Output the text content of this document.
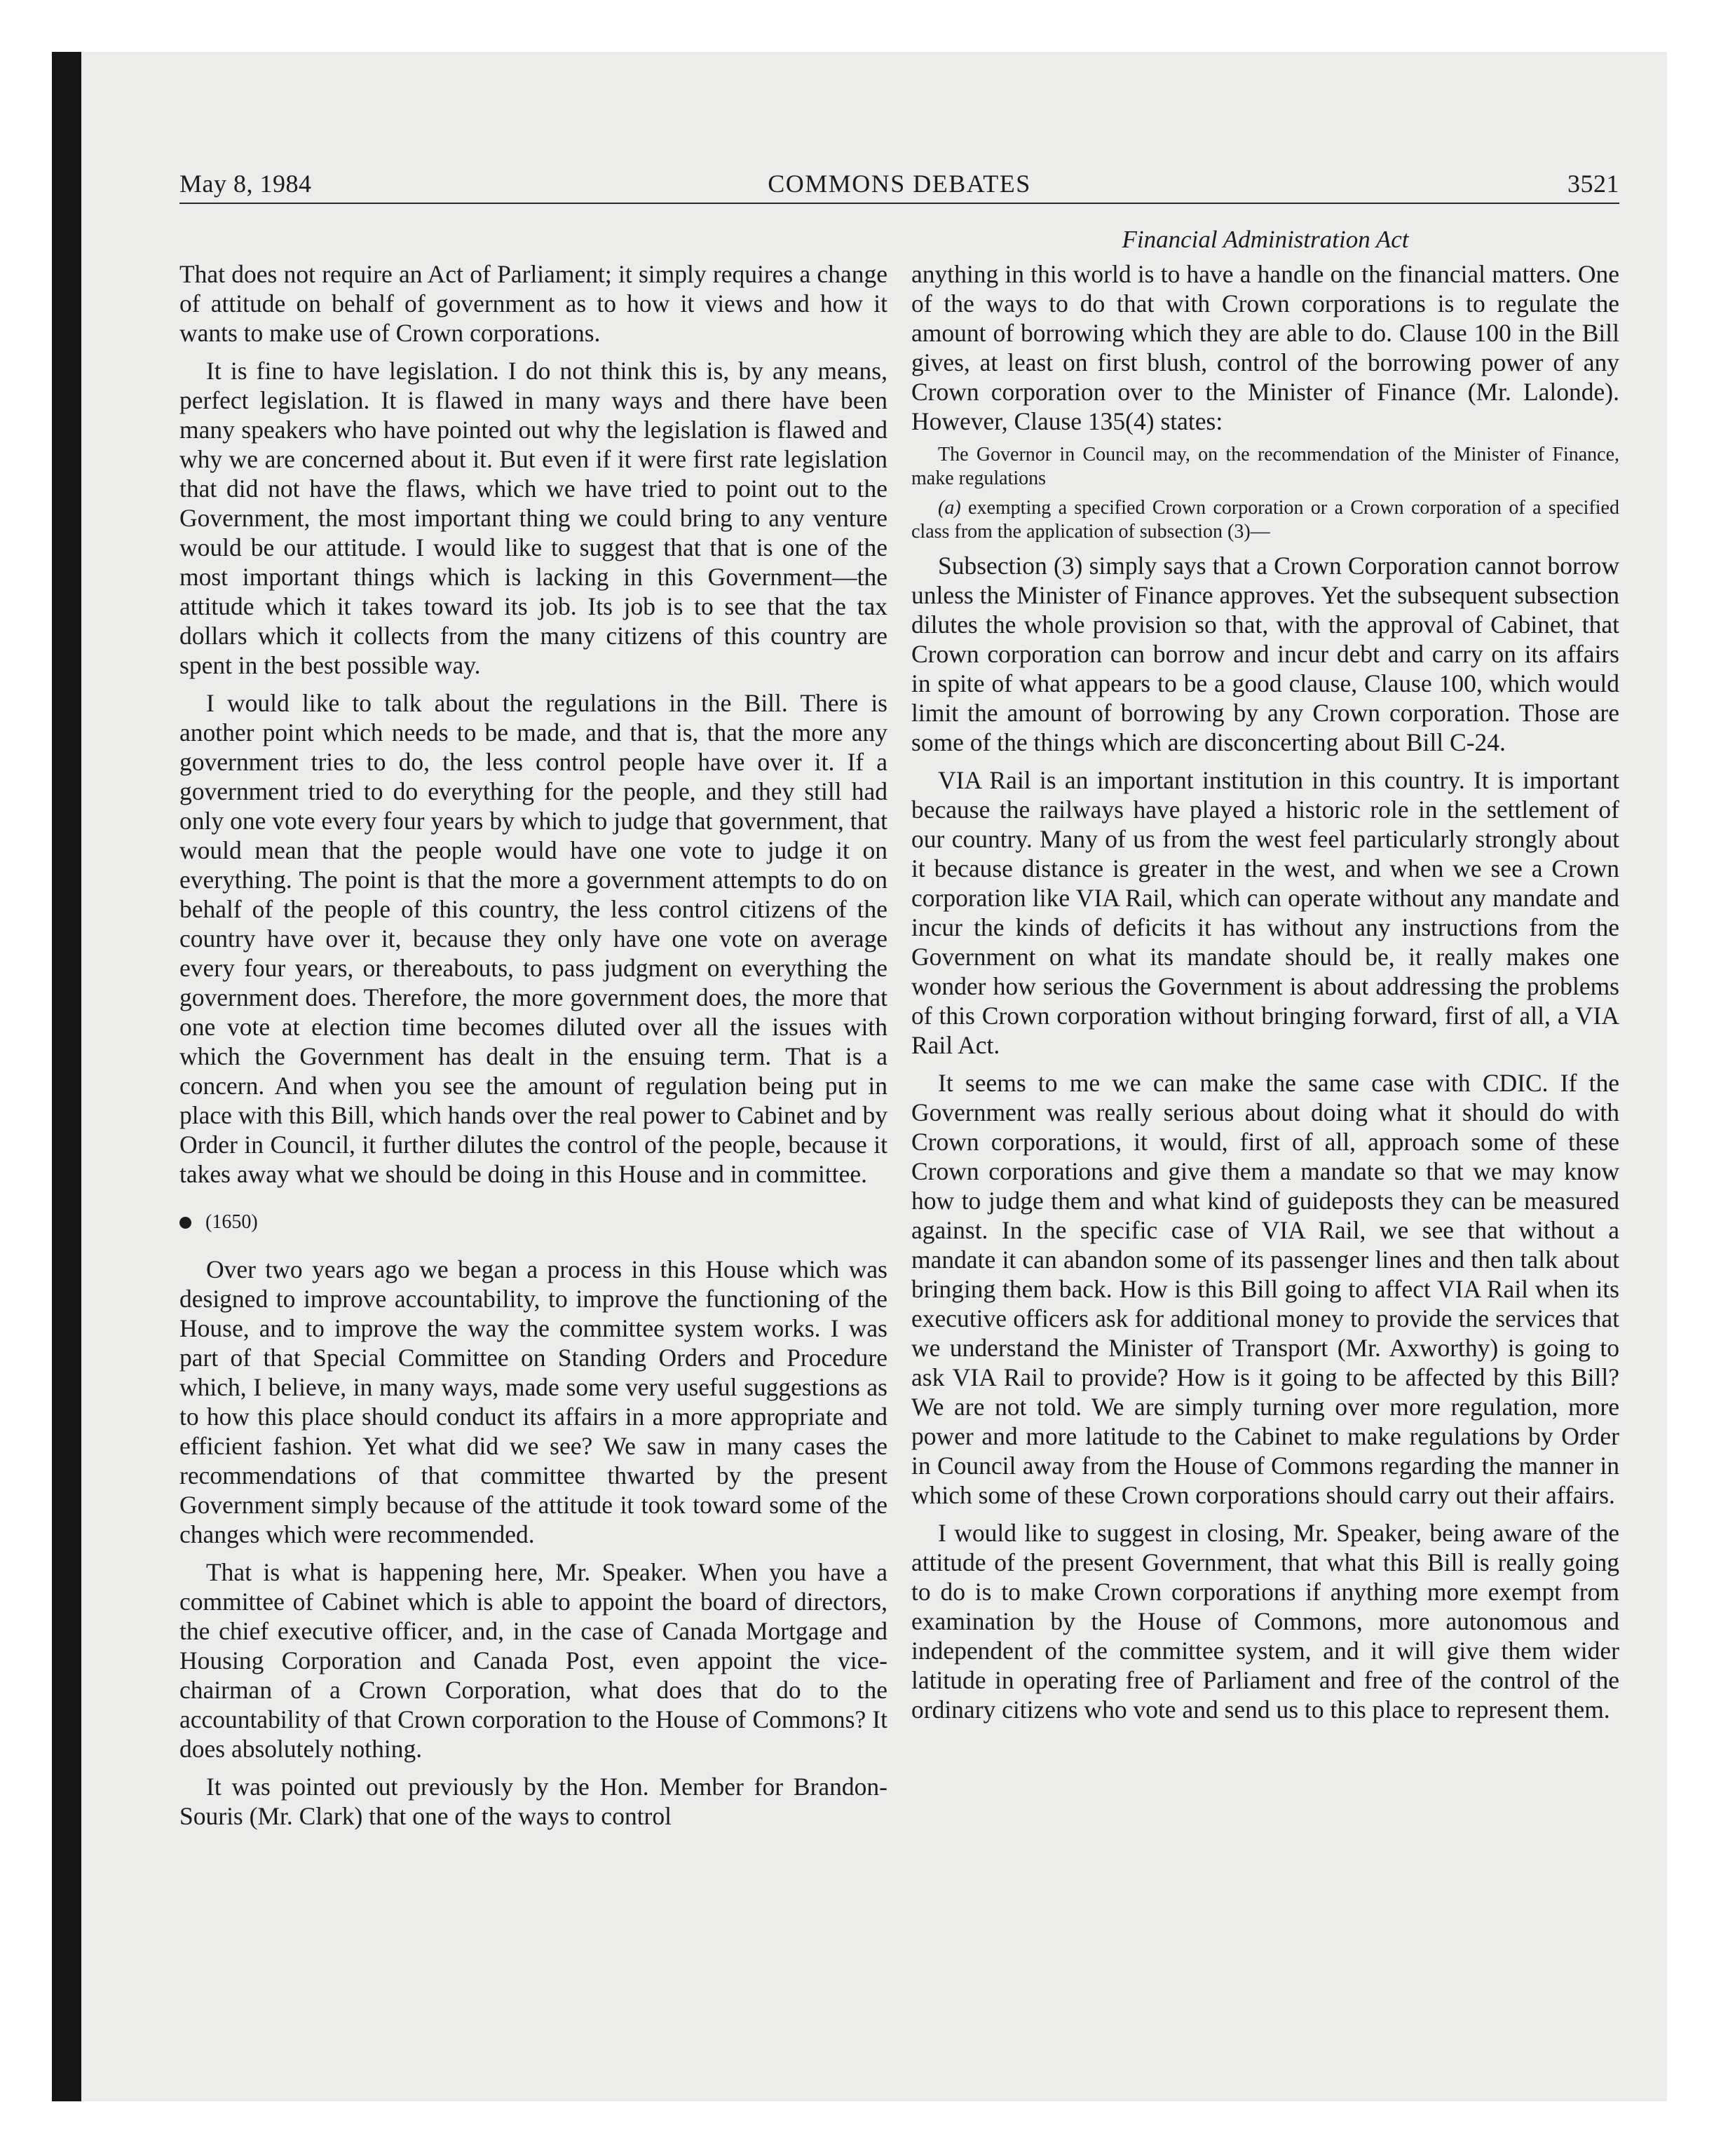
May 8, 1984	COMMONS DEBATES	3521
Financial Administration Act

That does not require an Act of Parliament; it simply requires a change of attitude on behalf of government as to how it views and how it wants to make use of Crown corporations.

It is fine to have legislation. I do not think this is, by any means, perfect legislation. It is flawed in many ways and there have been many speakers who have pointed out why the legislation is flawed and why we are concerned about it. But even if it were first rate legislation that did not have the flaws, which we have tried to point out to the Government, the most important thing we could bring to any venture would be our attitude. I would like to suggest that that is one of the most important things which is lacking in this Government—the attitude which it takes toward its job. Its job is to see that the tax dollars which it collects from the many citizens of this country are spent in the best possible way.

I would like to talk about the regulations in the Bill. There is another point which needs to be made, and that is, that the more any government tries to do, the less control people have over it. If a government tried to do everything for the people, and they still had only one vote every four years by which to judge that government, that would mean that the people would have one vote to judge it on everything. The point is that the more a government attempts to do on behalf of the people of this country, the less control citizens of the country have over it, because they only have one vote on average every four years, or thereabouts, to pass judgment on everything the government does. Therefore, the more government does, the more that one vote at election time becomes diluted over all the issues with which the Government has dealt in the ensuing term. That is a concern. And when you see the amount of regulation being put in place with this Bill, which hands over the real power to Cabinet and by Order in Council, it further dilutes the control of the people, because it takes away what we should be doing in this House and in committee.

(1650)

Over two years ago we began a process in this House which was designed to improve accountability, to improve the functioning of the House, and to improve the way the committee system works. I was part of that Special Committee on Standing Orders and Procedure which, I believe, in many ways, made some very useful suggestions as to how this place should conduct its affairs in a more appropriate and efficient fashion. Yet what did we see? We saw in many cases the recommendations of that committee thwarted by the present Government simply because of the attitude it took toward some of the changes which were recommended.

That is what is happening here, Mr. Speaker. When you have a committee of Cabinet which is able to appoint the board of directors, the chief executive officer, and, in the case of Canada Mortgage and Housing Corporation and Canada Post, even appoint the vice-chairman of a Crown Corporation, what does that do to the accountability of that Crown corporation to the House of Commons? It does absolutely nothing.

It was pointed out previously by the Hon. Member for Brandon-Souris (Mr. Clark) that one of the ways to control

anything in this world is to have a handle on the financial matters. One of the ways to do that with Crown corporations is to regulate the amount of borrowing which they are able to do. Clause 100 in the Bill gives, at least on first blush, control of the borrowing power of any Crown corporation over to the Minister of Finance (Mr. Lalonde). However, Clause 135(4) states:

The Governor in Council may, on the recommendation of the Minister of Finance, make regulations
(a) exempting a specified Crown corporation or a Crown corporation of a specified class from the application of subsection (3)—

Subsection (3) simply says that a Crown Corporation cannot borrow unless the Minister of Finance approves. Yet the subsequent subsection dilutes the whole provision so that, with the approval of Cabinet, that Crown corporation can borrow and incur debt and carry on its affairs in spite of what appears to be a good clause, Clause 100, which would limit the amount of borrowing by any Crown corporation. Those are some of the things which are disconcerting about Bill C-24.

VIA Rail is an important institution in this country. It is important because the railways have played a historic role in the settlement of our country. Many of us from the west feel particularly strongly about it because distance is greater in the west, and when we see a Crown corporation like VIA Rail, which can operate without any mandate and incur the kinds of deficits it has without any instructions from the Government on what its mandate should be, it really makes one wonder how serious the Government is about addressing the problems of this Crown corporation without bringing forward, first of all, a VIA Rail Act.

It seems to me we can make the same case with CDIC. If the Government was really serious about doing what it should do with Crown corporations, it would, first of all, approach some of these Crown corporations and give them a mandate so that we may know how to judge them and what kind of guideposts they can be measured against. In the specific case of VIA Rail, we see that without a mandate it can abandon some of its passenger lines and then talk about bringing them back. How is this Bill going to affect VIA Rail when its executive officers ask for additional money to provide the services that we understand the Minister of Transport (Mr. Axworthy) is going to ask VIA Rail to provide? How is it going to be affected by this Bill? We are not told. We are simply turning over more regulation, more power and more latitude to the Cabinet to make regulations by Order in Council away from the House of Commons regarding the manner in which some of these Crown corporations should carry out their affairs.

I would like to suggest in closing, Mr. Speaker, being aware of the attitude of the present Government, that what this Bill is really going to do is to make Crown corporations if anything more exempt from examination by the House of Commons, more autonomous and independent of the committee system, and it will give them wider latitude in operating free of Parliament and free of the control of the ordinary citizens who vote and send us to this place to represent them.
